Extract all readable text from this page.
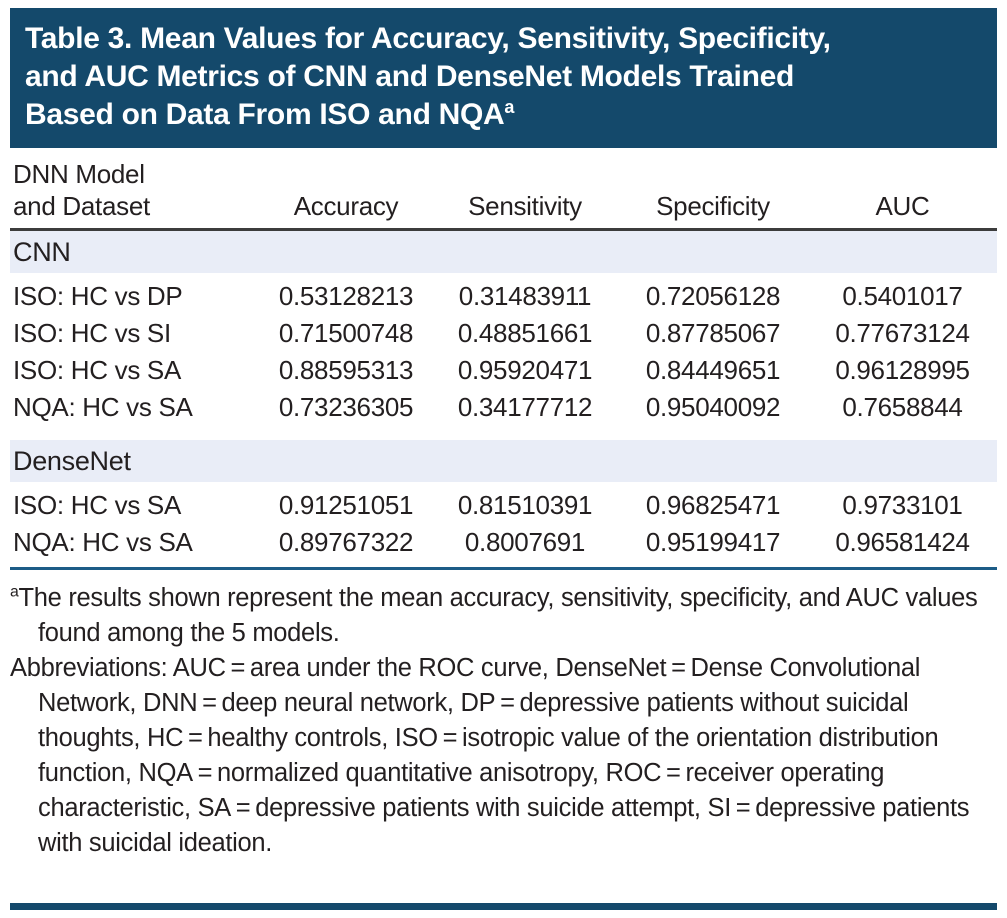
Table 3. Mean Values for Accuracy, Sensitivity, Specificity,
and AUC Metrics of CNN and DenseNet Models Trained
Based on Data From ISO and NQA$^a$
DNN Model
and Dataset	Accuracy	Sensitivity	Specificity	AUC
CNN
ISO: HC vs DP	0.53128213	0.31483911	0.72056128	0.5401017
ISO: HC vs SI	0.71500748	0.48851661	0.87785067	0.77673124
ISO: HC vs SA	0.88595313	0.95920471	0.84449651	0.96128995
NQA: HC vs SA	0.73236305	0.34177712	0.95040092	0.7658844
DenseNet
ISO: HC vs SA	0.91251051	0.81510391	0.96825471	0.9733101
NQA: HC vs SA	0.89767322	0.8007691	0.95199417	0.96581424

$^a$The results shown represent the mean accuracy, sensitivity, specificity, and AUC values found among the 5 models.

Abbreviations: AUC = area under the ROC curve, DenseNet = Dense Convolutional Network, DNN = deep neural network, DP = depressive patients without suicidal thoughts, HC = healthy controls, ISO = isotropic value of the orientation distribution function, NQA = normalized quantitative anisotropy, ROC = receiver operating characteristic, SA = depressive patients with suicide attempt, SI = depressive patients with suicidal ideation.
